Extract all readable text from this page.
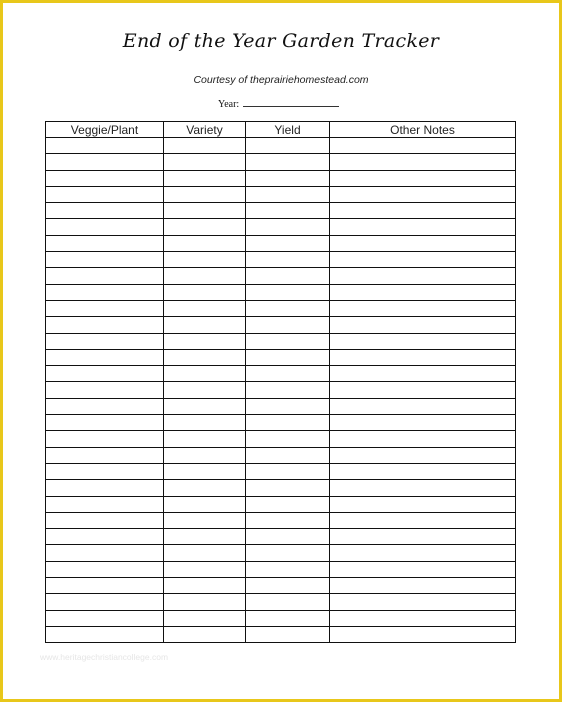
End of the Year Garden Tracker
Courtesy of theprairiehomestead.com
Year:
Veggie/Plant	Variety	Yield	Other Notes

www.heritagechristiancollege.com
